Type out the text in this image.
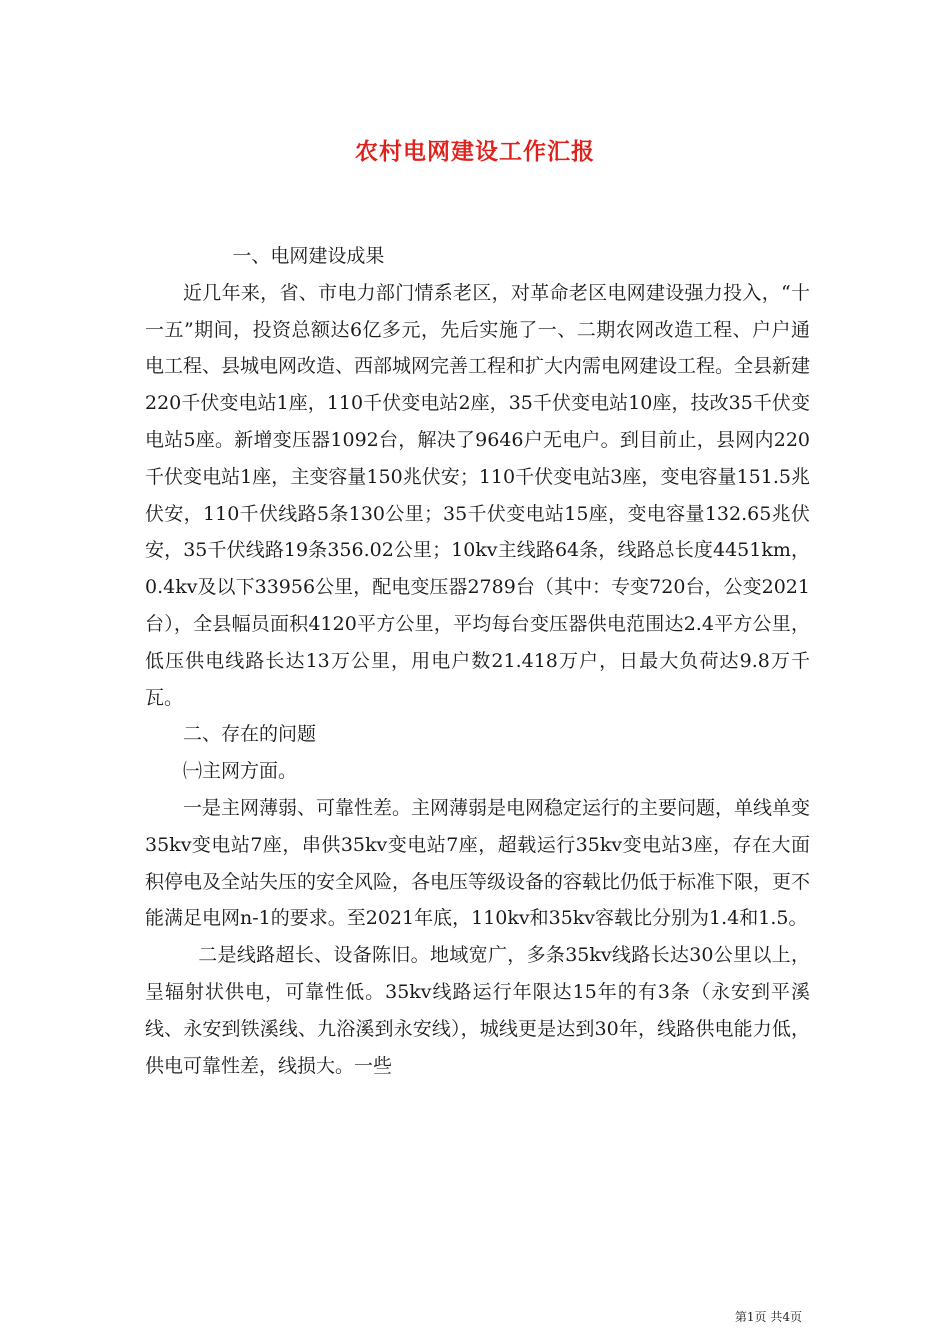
农村电网建设工作汇报

一、电网建设成果

近几年来，省、市电力部门情系老区，对革命老区电网建设强力投入，“十一五”期间，投资总额达6亿多元，先后实施了一、二期农网改造工程、户户通电工程、县城电网改造、西部城网完善工程和扩大内需电网建设工程。全县新建220千伏变电站1座，110千伏变电站2座，35千伏变电站10座，技改35千伏变电站5座。新增变压器1092台，解决了9646户无电户。到目前止，县网内220千伏变电站1座，主变容量150兆伏安；110千伏变电站3座，变电容量151.5兆伏安，110千伏线路5条130公里；35千伏变电站15座，变电容量132.65兆伏安，35千伏线路19条356.02公里；10kv主线路64条，线路总长度4451km，0.4kv及以下33956公里，配电变压器2789台（其中：专变720台，公变2021台），全县幅员面积4120平方公里，平均每台变压器供电范围达2.4平方公里，低压供电线路长达13万公里，用电户数21.418万户，日最大负荷达9.8万千瓦。

二、存在的问题

㈠主网方面。

一是主网薄弱、可靠性差。主网薄弱是电网稳定运行的主要问题，单线单变35kv变电站7座，串供35kv变电站7座，超载运行35kv变电站3座，存在大面积停电及全站失压的安全风险，各电压等级设备的容载比仍低于标准下限，更不能满足电网n-1的要求。至2021年底，110kv和35kv容载比分别为1.4和1.5。

二是线路超长、设备陈旧。地域宽广，多条35kv线路长达30公里以上，呈辐射状供电，可靠性低。35kv线路运行年限达15年的有3条（永安到平溪线、永安到铁溪线、九浴溪到永安线），城线更是达到30年，线路供电能力低，供电可靠性差，线损大。一些

第1页 共4页
